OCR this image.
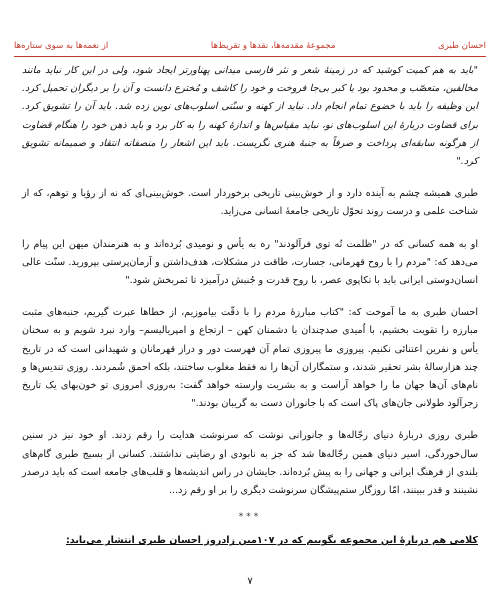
از نغمه‌ها به سوی ستاره‌ها	مجموعهٔ مقدمه‌ها، نقدها و تقریظ‌ها	احسان طبری

"باید به هم کمیت کوشید که در زمینهٔ شعر و نثر فارسی میدانی پهناورتر ایجاد شود، ولی در این کار نباید مانند مخالفین، متعصّب و محدود بود یا کبر بی‌جا فروخت و خود را کاشف و مُخترع دانست و آن را بر دیگران تحمیل کرد. این وظیفه را باید با خضوع تمام انجام داد. نباید از کهنه و سنّتی اسلوب‌های نوین زده شد. باید آن را تشویق کرد. برای قضاوت دربارهٔ این اسلوب‌های نو، نباید مقیاس‌ها و اندازهٔ کهنه را به کار برد و باید ذهن خود را هنگام قضاوت از هرگونه سابقه‌ای پرداخت و صرفاً به جنبهٔ هنری نگریست. باید این اشعار را منصفانه انتقاد و صمیمانه تشویق کرد."

طبری همیشه چشم به آینده دارد و از خوش‌بینی تاریخی برخوردار است. خوش‌بینی‌ای که نه از رؤیا و توهم، که از شناخت علمی و درست روند تحوّل تاریخی جامعهٔ انسانی می‌زاید.

او به همه کسانی که در "ظلمت تُه توی فرآلودند" ره به یأس و نومیدی بُرده‌اند و به هنرمندان میهن این پیام را می‌دهد که: "مردم را با روح قهرمانی، جسارت، طاقت در مشکلات، هدف‌داشتن و آرمان‌پرستی بپرورید. سنّت عالی انسان‌دوستی ایرانی باید با تکاپوی عصر، با روح قدرت و جُنبش درآمیزد تا ثمربخش شود."

احسان طبری به ما آموخت که: "کتاب مبارزهٔ مردم را با دقّت بیاموزیم، از خطاها عبرت گیریم، جنبه‌های مثبت مبارزه را تقویت بخشیم، با اُمیدی صدچندان با دشمنان کهن – ارتجاع و امپریالیسم– وارد نبرد شویم و به سخنان یأس و نفرین اعتنائی نکنیم. پیروزی ما پیروزی تمام آن فهرست دور و دراز قهرمانان و شهیدانی است که در تاریخ چند هزارسالهٔ بشر تحقیر شدند، و ستمگاران آن‌ها را نه فقط مغلوب ساختند، بلکه احمق شُمردند. روزی تندیس‌ها و نام‌های آن‌ها جهان ما را خواهد آراست و به بشریت وارسته خواهد گفت: به‌روزی امروزی تو خون‌بهای یک تاریخ زجرآلود طولانی جان‌های پاک است که با جانوران دست به گریبان بودند."

طبری روزی دربارهٔ دنیای رجّاله‌ها و جانورانی نوشت که سرنوشت هدایت را رقم زدند. او خود نیز در سنین سال‌خوردگی، اسیر دنیای همین رجّاله‌ها شد که جز به نابودی او رضایتی نداشتند. کسانی از بسیج طبری گام‌های بلندی از فرهنگ ایرانی و جهانی را به پیش بُرده‌اند. جایشان در راس اندیشه‌ها و قلب‌های جامعه است که باید درصدر نشینند و قدر ببینند، امّا روزگار ستم‌پیشگان سرنوشت دیگری را بر او رقم زد...

***

کلامی هم دربارهٔ این مجموعه بگوییم که در ۱۰۷مین زادروز احسان طبری انتشار می‌یابد:

۷
